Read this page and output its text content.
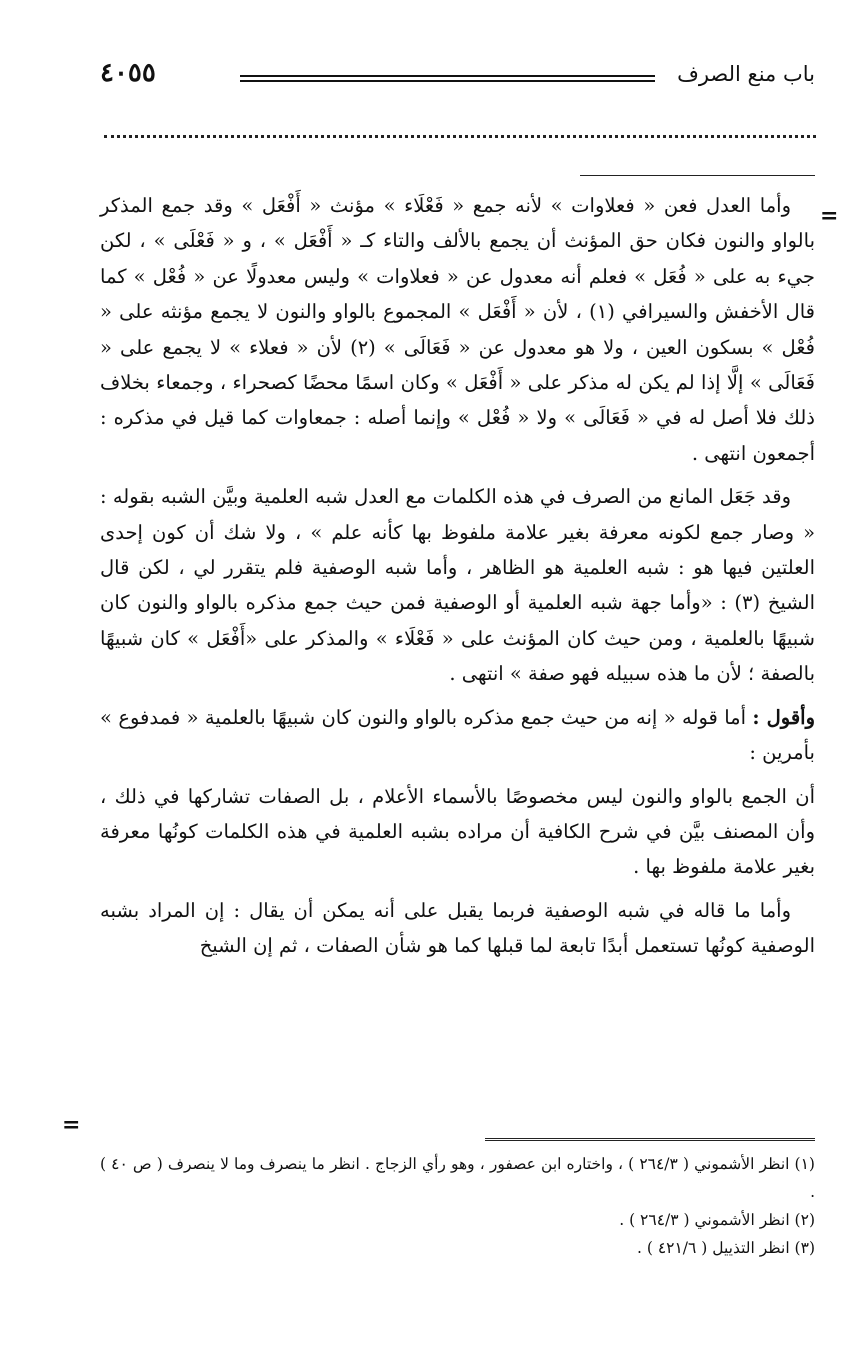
باب منع الصرف
٤٠٥٥
=

وأما العدل فعن « فعلاوات » لأنه جمع « فَعْلَاء » مؤنث « أَفْعَل » وقد جمع المذكر بالواو والنون فكان حق المؤنث أن يجمع بالألف والتاء كـ « أَفْعَل » ، و « فَعْلَى » ، لكن جيء به على « فُعَل » فعلم أنه معدول عن « فعلاوات » وليس معدولًا عن « فُعْل » كما قال الأخفش والسيرافي (١) ، لأن « أَفْعَل » المجموع بالواو والنون لا يجمع مؤنثه على « فُعْل » بسكون العين ، ولا هو معدول عن « فَعَالَى » (٢) لأن « فعلاء » لا يجمع على « فَعَالَى » إلَّا إذا لم يكن له مذكر على « أَفْعَل » وكان اسمًا محضًا كصحراء ، وجمعاء بخلاف ذلك فلا أصل له في « فَعَالَى » ولا « فُعْل » وإنما أصله : جمعاوات كما قيل في مذكره : أجمعون انتهى .

وقد جَعَل المانع من الصرف في هذه الكلمات مع العدل شبه العلمية وبيَّن الشبه بقوله : « وصار جمع لكونه معرفة بغير علامة ملفوظ بها كأنه علم » ، ولا شك أن كون إحدى العلتين فيها هو : شبه العلمية هو الظاهر ، وأما شبه الوصفية فلم يتقرر لي ، لكن قال الشيخ (٣) : «وأما جهة شبه العلمية أو الوصفية فمن حيث جمع مذكره بالواو والنون كان شبيهًا بالعلمية ، ومن حيث كان المؤنث على « فَعْلَاء » والمذكر على «أَفْعَل » كان شبيهًا بالصفة ؛ لأن ما هذه سبيله فهو صفة » انتهى .

وأقول : أما قوله « إنه من حيث جمع مذكره بالواو والنون كان شبيهًا بالعلمية « فمدفوع » بأمرين :

أن الجمع بالواو والنون ليس مخصوصًا بالأسماء الأعلام ، بل الصفات تشاركها في ذلك ، وأن المصنف بيَّن في شرح الكافية أن مراده بشبه العلمية في هذه الكلمات كونُها معرفة بغير علامة ملفوظ بها .

وأما ما قاله في شبه الوصفية فربما يقبل على أنه يمكن أن يقال : إن المراد بشبه الوصفية كونُها تستعمل أبدًا تابعة لما قبلها كما هو شأن الصفات ، ثم إن الشيخ

=

(١) انظر الأشموني ( ٢٦٤/٣ ) ، واختاره ابن عصفور ، وهو رأي الزجاج . انظر ما ينصرف وما لا ينصرف ( ص ٤٠ ) .

(٢) انظر الأشموني ( ٢٦٤/٣ ) .

(٣) انظر التذييل ( ٤٢١/٦ ) .
